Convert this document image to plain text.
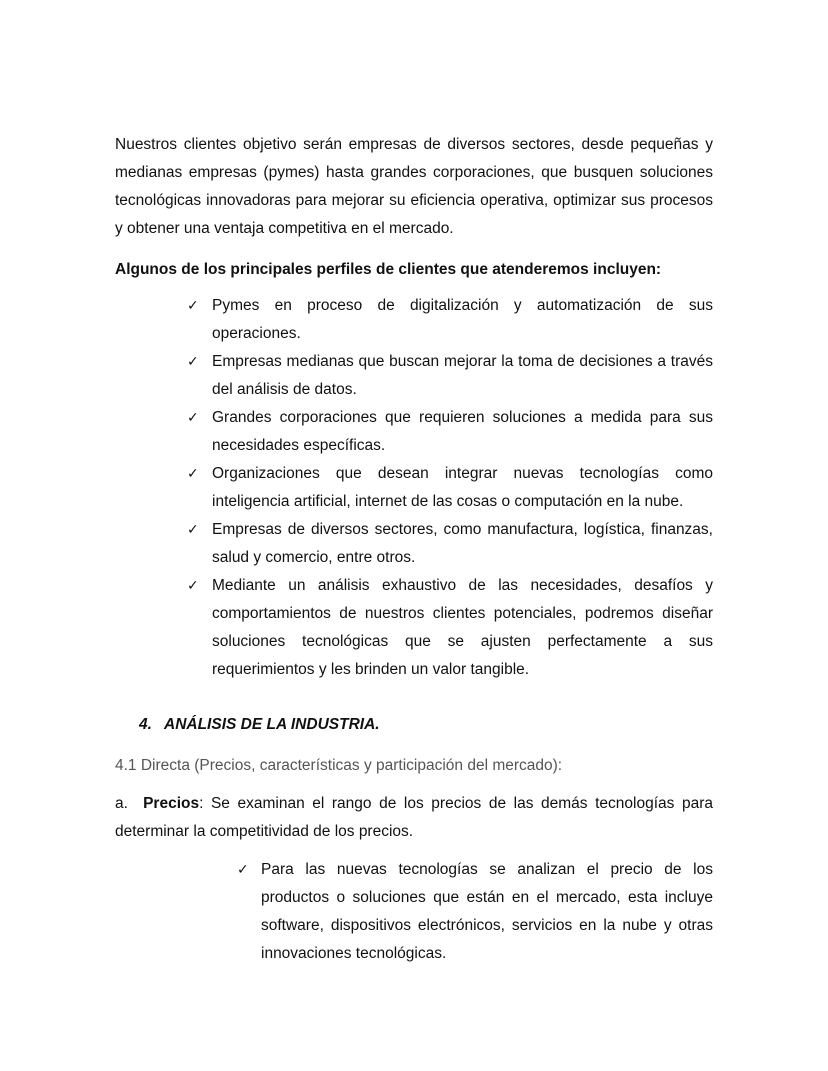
Nuestros clientes objetivo serán empresas de diversos sectores, desde pequeñas y medianas empresas (pymes) hasta grandes corporaciones, que busquen soluciones tecnológicas innovadoras para mejorar su eficiencia operativa, optimizar sus procesos y obtener una ventaja competitiva en el mercado.

Algunos de los principales perfiles de clientes que atenderemos incluyen:

✓ Pymes en proceso de digitalización y automatización de sus operaciones.
✓ Empresas medianas que buscan mejorar la toma de decisiones a través del análisis de datos.
✓ Grandes corporaciones que requieren soluciones a medida para sus necesidades específicas.
✓ Organizaciones que desean integrar nuevas tecnologías como inteligencia artificial, internet de las cosas o computación en la nube.
✓ Empresas de diversos sectores, como manufactura, logística, finanzas, salud y comercio, entre otros.
✓ Mediante un análisis exhaustivo de las necesidades, desafíos y comportamientos de nuestros clientes potenciales, podremos diseñar soluciones tecnológicas que se ajusten perfectamente a sus requerimientos y les brinden un valor tangible.
4. ANÁLISIS DE LA INDUSTRIA.

4.1 Directa (Precios, características y participación del mercado):

a. Precios: Se examinan el rango de los precios de las demás tecnologías para determinar la competitividad de los precios.

✓ Para las nuevas tecnologías se analizan el precio de los productos o soluciones que están en el mercado, esta incluye software, dispositivos electrónicos, servicios en la nube y otras innovaciones tecnológicas.
